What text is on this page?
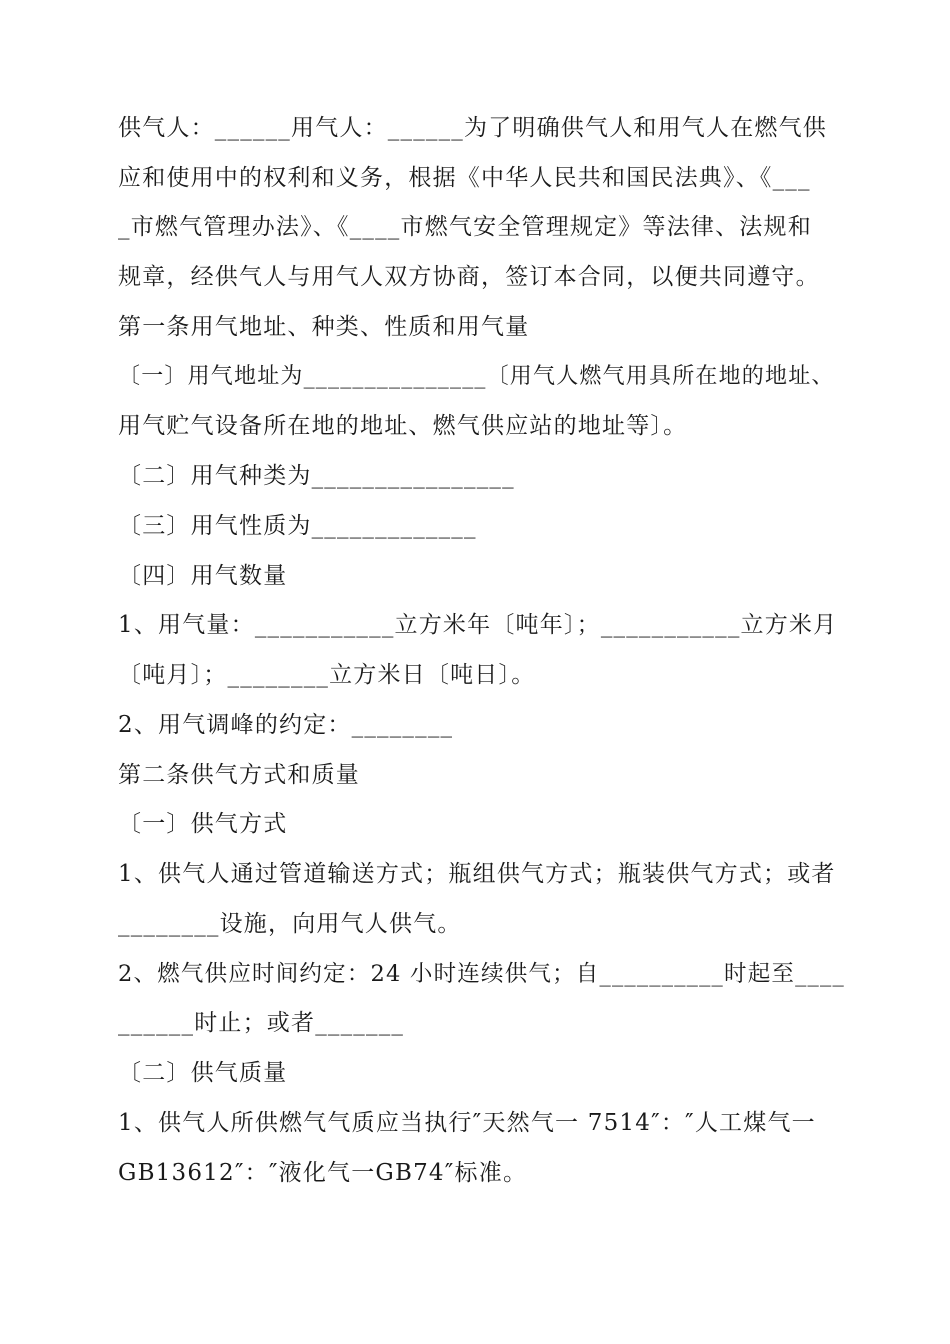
供气人：______用气人：______为了明确供气人和用气人在燃气供
应和使用中的权利和义务，根据《中华人民共和国民法典》、《___
_市燃气管理办法》、《____市燃气安全管理规定》等法律、法规和
规章，经供气人与用气人双方协商，签订本合同，以便共同遵守。
第一条用气地址、种类、性质和用气量
〔一〕用气地址为_______________〔用气人燃气用具所在地的地址、
用气贮气设备所在地的地址、燃气供应站的地址等〕。
〔二〕用气种类为________________
〔三〕用气性质为_____________
〔四〕用气数量
1、用气量：___________立方米年〔吨年〕；___________立方米月
〔吨月〕；________立方米日〔吨日〕。
2、用气调峰的约定：________
第二条供气方式和质量
〔一〕供气方式
1、供气人通过管道输送方式；瓶组供气方式；瓶装供气方式；或者
________设施，向用气人供气。
2、燃气供应时间约定：24 小时连续供气；自__________时起至____
______时止；或者_______
〔二〕供气质量
1、供气人所供燃气气质应当执行″天然气一 7514″：″人工煤气一
GB13612″：″液化气一GB74″标准。
